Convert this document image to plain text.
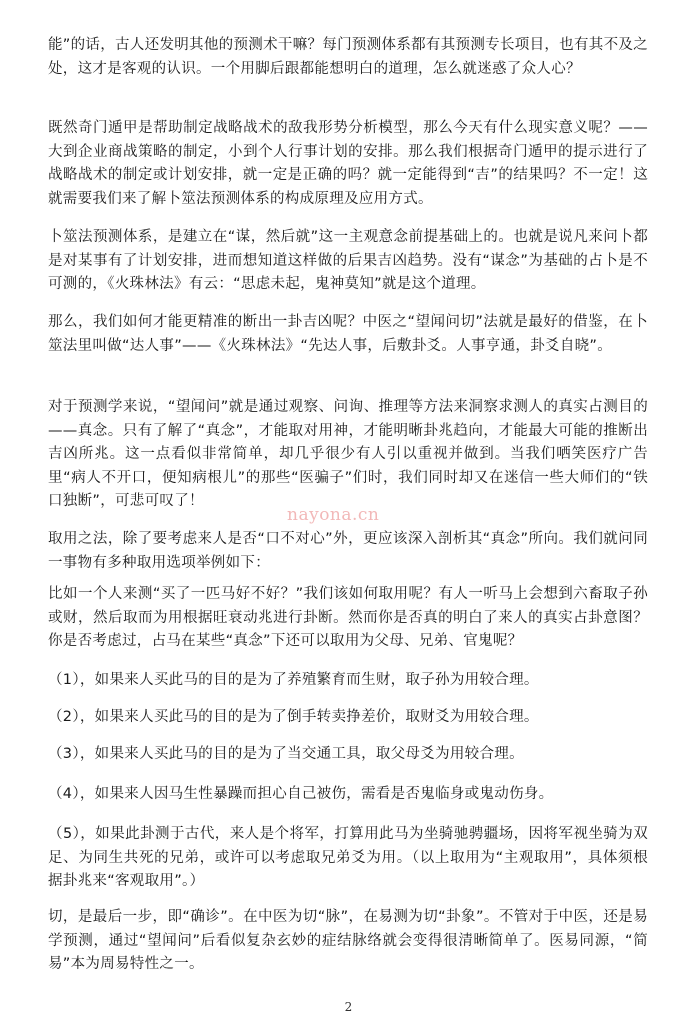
能”的话，古人还发明其他的预测术干嘛？每门预测体系都有其预测专长项目，也有其不及之处，这才是客观的认识。一个用脚后跟都能想明白的道理，怎么就迷惑了众人心？

既然奇门遁甲是帮助制定战略战术的敌我形势分析模型，那么今天有什么现实意义呢？——大到企业商战策略的制定，小到个人行事计划的安排。那么我们根据奇门遁甲的提示进行了战略战术的制定或计划安排，就一定是正确的吗？就一定能得到“吉”的结果吗？不一定！这就需要我们来了解卜筮法预测体系的构成原理及应用方式。

卜筮法预测体系，是建立在“谋，然后就”这一主观意念前提基础上的。也就是说凡来问卜都是对某事有了计划安排，进而想知道这样做的后果吉凶趋势。没有“谋念”为基础的占卜是不可测的，《火珠林法》有云：“思虑未起，鬼神莫知”就是这个道理。

那么，我们如何才能更精准的断出一卦吉凶呢？中医之“望闻问切”法就是最好的借鉴，在卜筮法里叫做“达人事”——《火珠林法》“先达人事，后敷卦爻。人事亨通，卦爻自晓”。

对于预测学来说，“望闻问”就是通过观察、问询、推理等方法来洞察求测人的真实占测目的——真念。只有了解了“真念”，才能取对用神，才能明晰卦兆趋向，才能最大可能的推断出吉凶所兆。这一点看似非常简单，却几乎很少有人引以重视并做到。当我们哂笑医疗广告里“病人不开口，便知病根儿”的那些“医骗子”们时，我们同时却又在迷信一些大师们的“铁口独断”，可悲可叹了！

nayona.cn

取用之法，除了要考虑来人是否“口不对心”外，更应该深入剖析其“真念”所向。我们就问同一事物有多种取用选项举例如下：

比如一个人来测“买了一匹马好不好？”我们该如何取用呢？有人一听马上会想到六畜取子孙或财，然后取而为用根据旺衰动兆进行卦断。然而你是否真的明白了来人的真实占卦意图？你是否考虑过，占马在某些“真念”下还可以取用为父母、兄弟、官鬼呢？

（1），如果来人买此马的目的是为了养殖繁育而生财，取子孙为用较合理。

（2），如果来人买此马的目的是为了倒手转卖挣差价，取财爻为用较合理。

（3），如果来人买此马的目的是为了当交通工具，取父母爻为用较合理。

（4），如果来人因马生性暴躁而担心自己被伤，需看是否鬼临身或鬼动伤身。

（5），如果此卦测于古代，来人是个将军，打算用此马为坐骑驰骋疆场，因将军视坐骑为双足、为同生共死的兄弟，或许可以考虑取兄弟爻为用。（以上取用为“主观取用”，具体须根据卦兆来“客观取用”。）

切，是最后一步，即“确诊”。在中医为切“脉”，在易测为切“卦象”。不管对于中医，还是易学预测，通过“望闻问”后看似复杂玄妙的症结脉络就会变得很清晰简单了。医易同源，“简易”本为周易特性之一。

2
